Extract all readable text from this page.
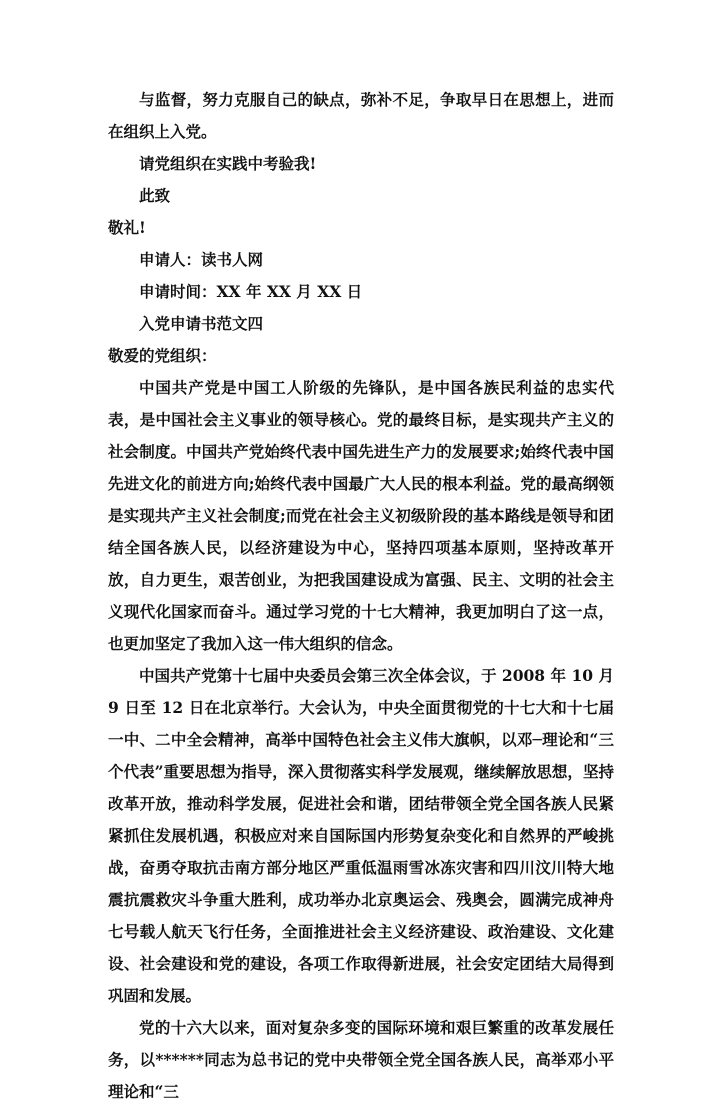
与监督，努力克服自己的缺点，弥补不足，争取早日在思想上，进而在组织上入党。

请党组织在实践中考验我!

此致

敬礼!

申请人：读书人网

申请时间：XX 年 XX 月 XX 日

入党申请书范文四

敬爱的党组织：

中国共产党是中国工人阶级的先锋队，是中国各族民利益的忠实代表，是中国社会主义事业的领导核心。党的最终目标，是实现共产主义的社会制度。中国共产党始终代表中国先进生产力的发展要求;始终代表中国先进文化的前进方向;始终代表中国最广大人民的根本利益。党的最高纲领是实现共产主义社会制度;而党在社会主义初级阶段的基本路线是领导和团结全国各族人民，以经济建设为中心，坚持四项基本原则，坚持改革开放，自力更生，艰苦创业，为把我国建设成为富强、民主、文明的社会主义现代化国家而奋斗。通过学习党的十七大精神，我更加明白了这一点，也更加坚定了我加入这一伟大组织的信念。

中国共产党第十七届中央委员会第三次全体会议，于 2008 年 10 月 9 日至 12 日在北京举行。大会认为，中央全面贯彻党的十七大和十七届一中、二中全会精神，高举中国特色社会主义伟大旗帜，以邓─理论和“三个代表”重要思想为指导，深入贯彻落实科学发展观，继续解放思想，坚持改革开放，推动科学发展，促进社会和谐，团结带领全党全国各族人民紧紧抓住发展机遇，积极应对来自国际国内形势复杂变化和自然界的严峻挑战，奋勇夺取抗击南方部分地区严重低温雨雪冰冻灾害和四川汶川特大地震抗震救灾斗争重大胜利，成功举办北京奥运会、残奥会，圆满完成神舟七号载人航天飞行任务，全面推进社会主义经济建设、政治建设、文化建设、社会建设和党的建设，各项工作取得新进展，社会安定团结大局得到巩固和发展。

党的十六大以来，面对复杂多变的国际环境和艰巨繁重的改革发展任务，以******同志为总书记的党中央带领全党全国各族人民，高举邓小平理论和“三
